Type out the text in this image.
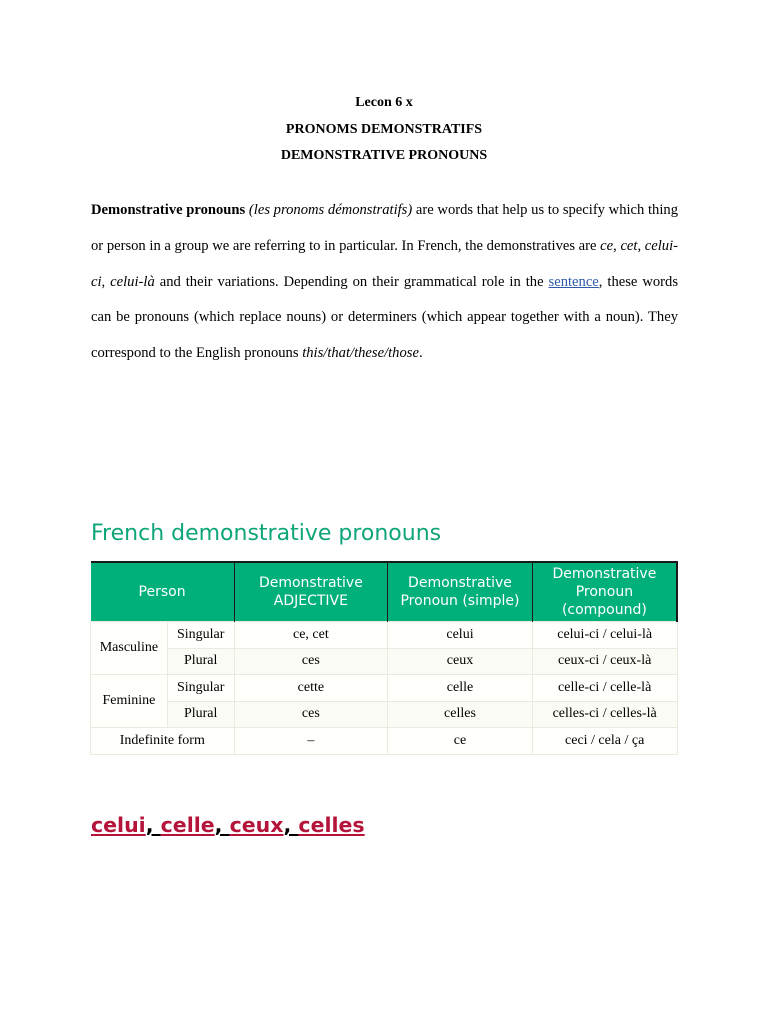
Lecon 6 x
PRONOMS DEMONSTRATIFS
DEMONSTRATIVE PRONOUNS

Demonstrative pronouns (les pronoms démonstratifs) are words that help us to specify which thing or person in a group we are referring to in particular. In French, the demonstratives are ce, cet, celui-ci, celui-là and their variations. Depending on their grammatical role in the sentence, these words can be pronouns (which replace nouns) or determiners (which appear together with a noun). They correspond to the English pronouns this/that/these/those.

French demonstrative pronouns
Person		Demonstrative ADJECTIVE	Demonstrative Pronoun (simple)	Demonstrative Pronoun (compound)
Masculine	Singular	ce, cet	celui	celui-ci / celui-là
	Plural	ces	ceux	ceux-ci / ceux-là
Feminine	Singular	cette	celle	celle-ci / celle-là
	Plural	ces	celles	celles-ci / celles-là
Indefinite form		–	ce	ceci / cela / ça
celui, celle, ceux, celles
